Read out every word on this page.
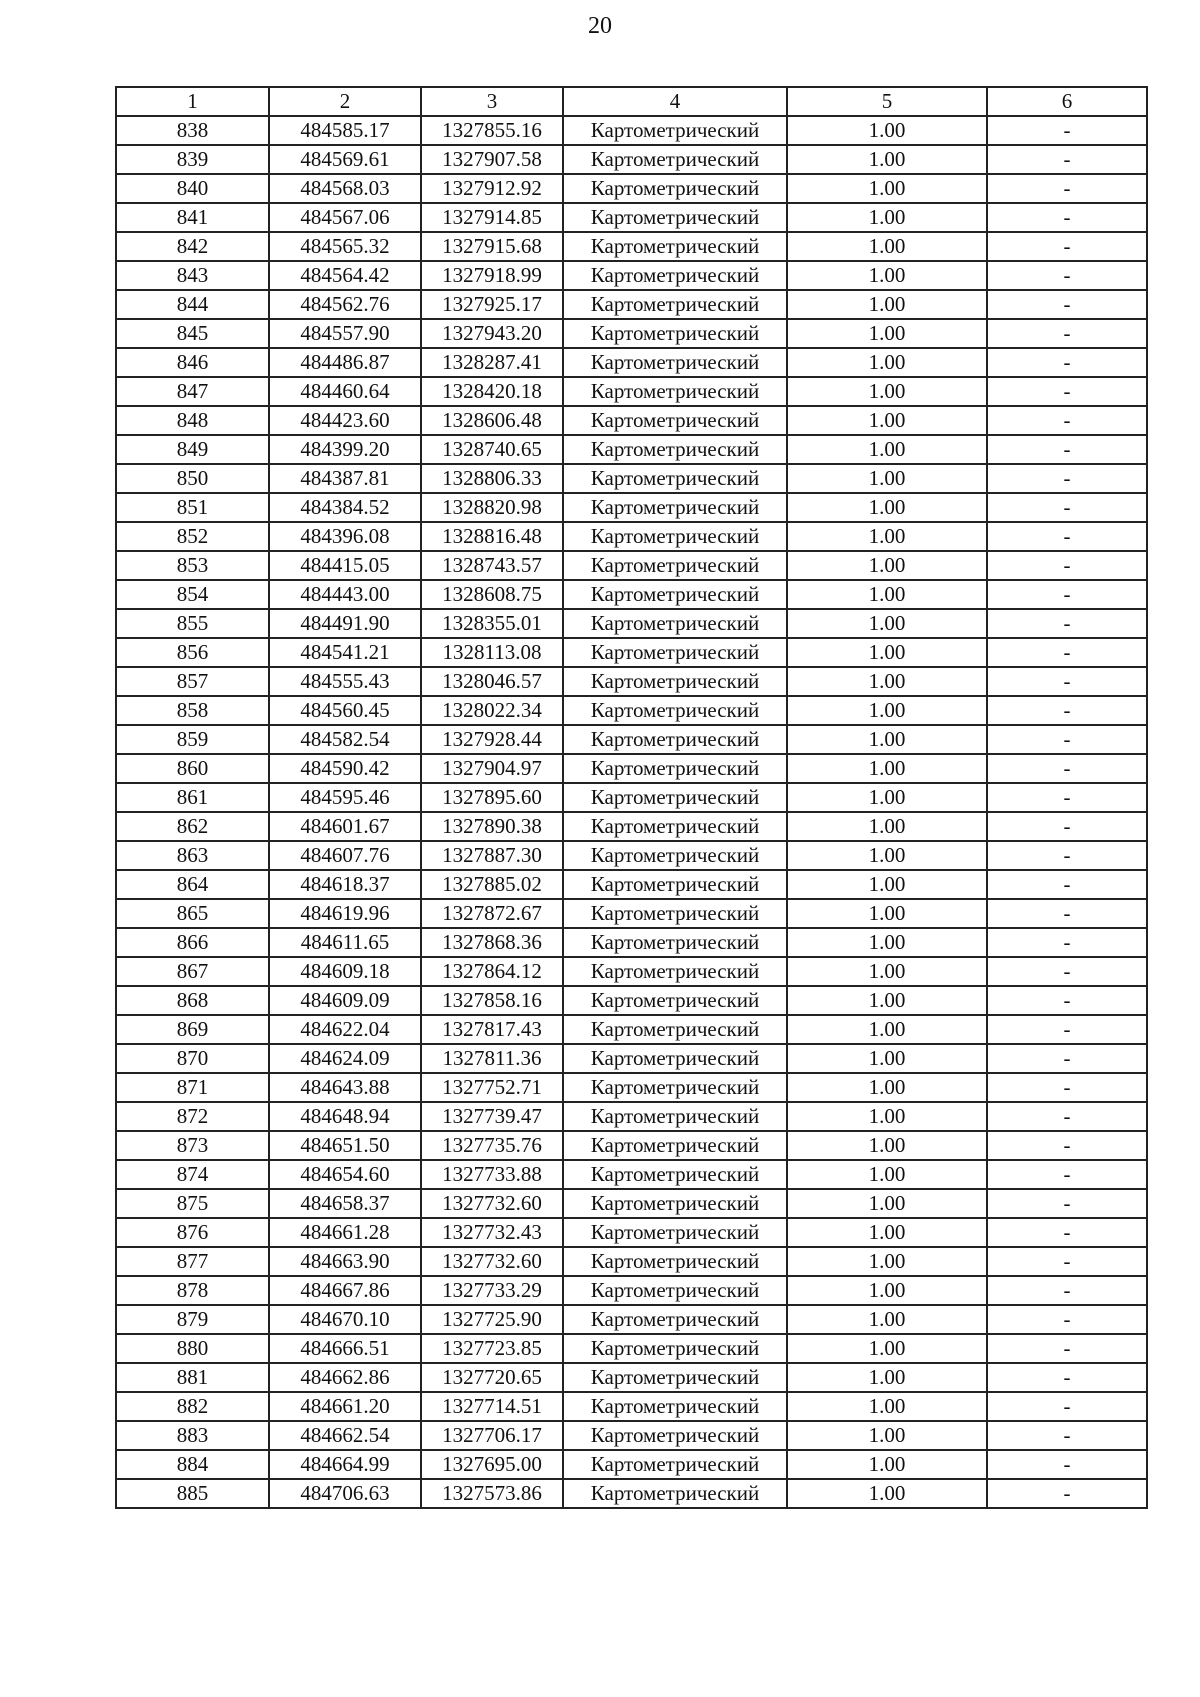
20
1	2	3	4	5	6
838	484585.17	1327855.16	Картометрический	1.00	-
839	484569.61	1327907.58	Картометрический	1.00	-
840	484568.03	1327912.92	Картометрический	1.00	-
841	484567.06	1327914.85	Картометрический	1.00	-
842	484565.32	1327915.68	Картометрический	1.00	-
843	484564.42	1327918.99	Картометрический	1.00	-
844	484562.76	1327925.17	Картометрический	1.00	-
845	484557.90	1327943.20	Картометрический	1.00	-
846	484486.87	1328287.41	Картометрический	1.00	-
847	484460.64	1328420.18	Картометрический	1.00	-
848	484423.60	1328606.48	Картометрический	1.00	-
849	484399.20	1328740.65	Картометрический	1.00	-
850	484387.81	1328806.33	Картометрический	1.00	-
851	484384.52	1328820.98	Картометрический	1.00	-
852	484396.08	1328816.48	Картометрический	1.00	-
853	484415.05	1328743.57	Картометрический	1.00	-
854	484443.00	1328608.75	Картометрический	1.00	-
855	484491.90	1328355.01	Картометрический	1.00	-
856	484541.21	1328113.08	Картометрический	1.00	-
857	484555.43	1328046.57	Картометрический	1.00	-
858	484560.45	1328022.34	Картометрический	1.00	-
859	484582.54	1327928.44	Картометрический	1.00	-
860	484590.42	1327904.97	Картометрический	1.00	-
861	484595.46	1327895.60	Картометрический	1.00	-
862	484601.67	1327890.38	Картометрический	1.00	-
863	484607.76	1327887.30	Картометрический	1.00	-
864	484618.37	1327885.02	Картометрический	1.00	-
865	484619.96	1327872.67	Картометрический	1.00	-
866	484611.65	1327868.36	Картометрический	1.00	-
867	484609.18	1327864.12	Картометрический	1.00	-
868	484609.09	1327858.16	Картометрический	1.00	-
869	484622.04	1327817.43	Картометрический	1.00	-
870	484624.09	1327811.36	Картометрический	1.00	-
871	484643.88	1327752.71	Картометрический	1.00	-
872	484648.94	1327739.47	Картометрический	1.00	-
873	484651.50	1327735.76	Картометрический	1.00	-
874	484654.60	1327733.88	Картометрический	1.00	-
875	484658.37	1327732.60	Картометрический	1.00	-
876	484661.28	1327732.43	Картометрический	1.00	-
877	484663.90	1327732.60	Картометрический	1.00	-
878	484667.86	1327733.29	Картометрический	1.00	-
879	484670.10	1327725.90	Картометрический	1.00	-
880	484666.51	1327723.85	Картометрический	1.00	-
881	484662.86	1327720.65	Картометрический	1.00	-
882	484661.20	1327714.51	Картометрический	1.00	-
883	484662.54	1327706.17	Картометрический	1.00	-
884	484664.99	1327695.00	Картометрический	1.00	-
885	484706.63	1327573.86	Картометрический	1.00	-
